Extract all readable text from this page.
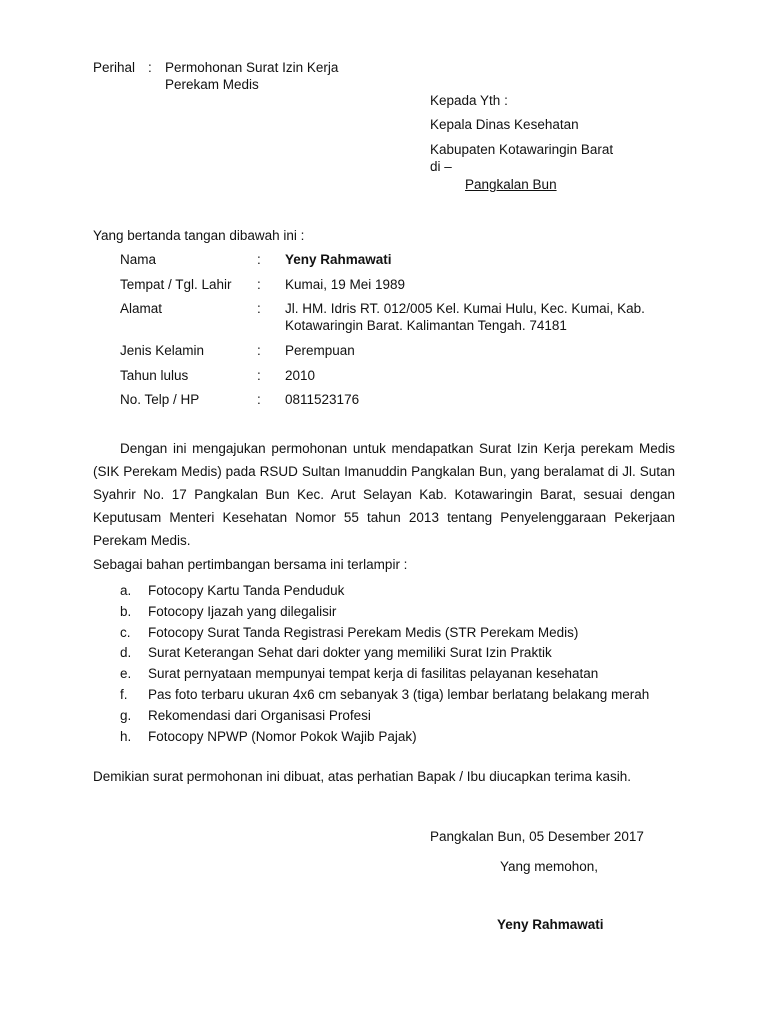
Perihal : Permohonan Surat Izin Kerja
Perekam Medis
Kepada Yth :
Kepala Dinas Kesehatan
Kabupaten Kotawaringin Barat
di –
Pangkalan Bun
Yang bertanda tangan dibawah ini :
Nama	: Yeny Rahmawati
Tempat / Tgl. Lahir : Kumai, 19 Mei 1989
Alamat	: Jl. HM. Idris RT. 012/005 Kel. Kumai Hulu, Kec. Kumai, Kab.
Kotawaringin Barat. Kalimantan Tengah. 74181
Jenis Kelamin	: Perempuan
Tahun lulus	: 2010
No. Telp / HP	: 0811523176

Dengan ini mengajukan permohonan untuk mendapatkan Surat Izin Kerja perekam Medis (SIK Perekam Medis) pada RSUD Sultan Imanuddin Pangkalan Bun, yang beralamat di Jl. Sutan Syahrir No. 17 Pangkalan Bun Kec. Arut Selayan Kab. Kotawaringin Barat, sesuai dengan Keputusam Menteri Kesehatan Nomor 55 tahun 2013 tentang Penyelenggaraan Pekerjaan Perekam Medis.

Sebagai bahan pertimbangan bersama ini terlampir :
a. Fotocopy Kartu Tanda Penduduk
b. Fotocopy Ijazah yang dilegalisir
c. Fotocopy Surat Tanda Registrasi Perekam Medis (STR Perekam Medis)
d. Surat Keterangan Sehat dari dokter yang memiliki Surat Izin Praktik
e. Surat pernyataan mempunyai tempat kerja di fasilitas pelayanan kesehatan
f. Pas foto terbaru ukuran 4x6 cm sebanyak 3 (tiga) lembar berlatang belakang merah
g. Rekomendasi dari Organisasi Profesi
h. Fotocopy NPWP (Nomor Pokok Wajib Pajak)
Demikian surat permohonan ini dibuat, atas perhatian Bapak / Ibu diucapkan terima kasih.
Pangkalan Bun, 05 Desember 2017
Yang memohon,
Yeny Rahmawati
